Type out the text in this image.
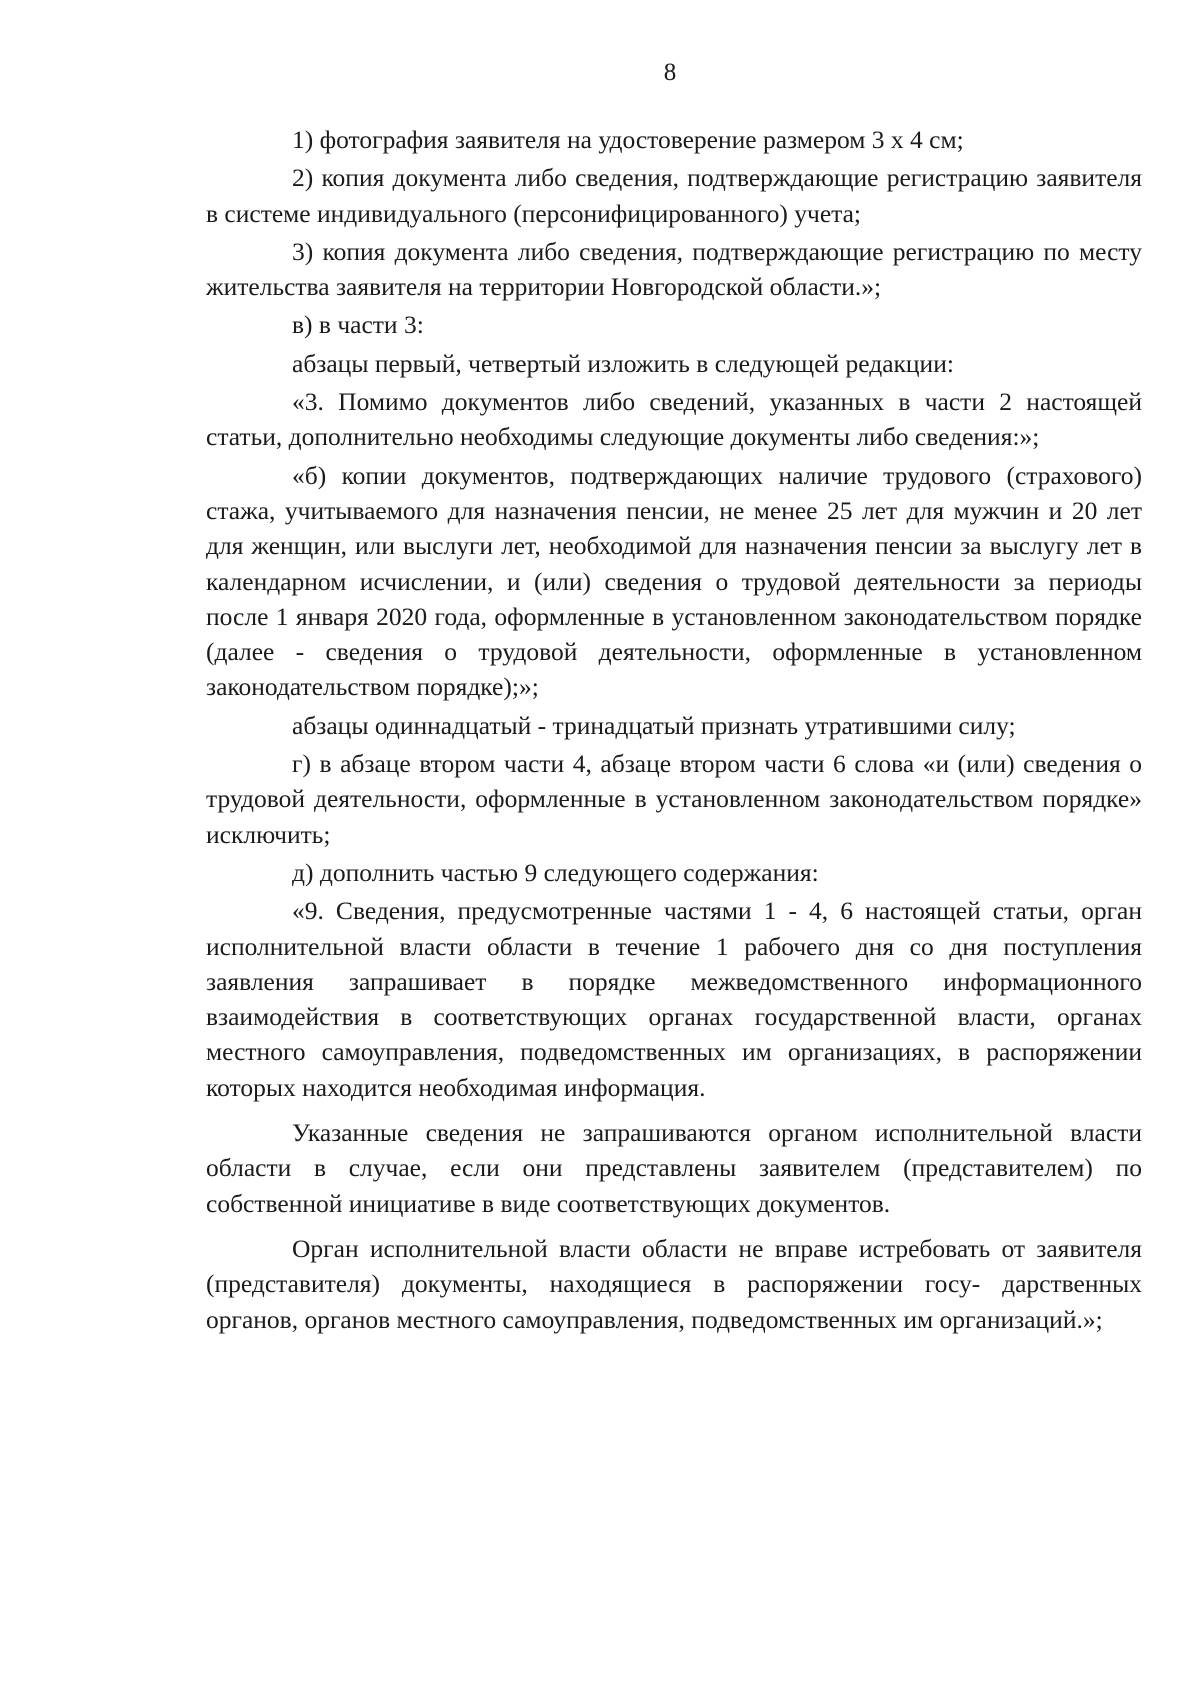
8

1) фотография заявителя на удостоверение размером 3 х 4 см;

2) копия документа либо сведения, подтверждающие регистрацию заявителя в системе индивидуального (персонифицированного) учета;

3) копия документа либо сведения, подтверждающие регистрацию по месту жительства заявителя на территории Новгородской области.»;

в) в части 3:

абзацы первый, четвертый изложить в следующей редакции:

«3. Помимо документов либо сведений, указанных в части 2 настоящей статьи, дополнительно необходимы следующие документы либо сведения:»;

«б) копии документов, подтверждающих наличие трудового (страхового) стажа, учитываемого для назначения пенсии, не менее 25 лет для мужчин и 20 лет для женщин, или выслуги лет, необходимой для назначения пенсии за выслугу лет в календарном исчислении, и (или) сведения о трудовой деятельности за периоды после 1 января 2020 года, оформленные в установленном законодательством порядке (далее - сведения о трудовой деятельности, оформленные в установленном законодательством порядке);»;

абзацы одиннадцатый - тринадцатый признать утратившими силу;

г) в абзаце втором части 4, абзаце втором части 6 слова «и (или) сведения о трудовой деятельности, оформленные в установленном законодательством порядке» исключить;

д) дополнить частью 9 следующего содержания:

«9. Сведения, предусмотренные частями 1 - 4, 6 настоящей статьи, орган исполнительной власти области в течение 1 рабочего дня со дня поступления заявления запрашивает в порядке межведомственного информационного взаимодействия в соответствующих органах государственной власти, органах местного самоуправления, подведомственных им организациях, в распоряжении которых находится необходимая информация.

Указанные сведения не запрашиваются органом исполнительной власти области в случае, если они представлены заявителем (представителем) по собственной инициативе в виде соответствующих документов.

Орган исполнительной власти области не вправе истребовать от заявителя (представителя) документы, находящиеся в распоряжении госу- дарственных органов, органов местного самоуправления, подведомственных им организаций.»;
